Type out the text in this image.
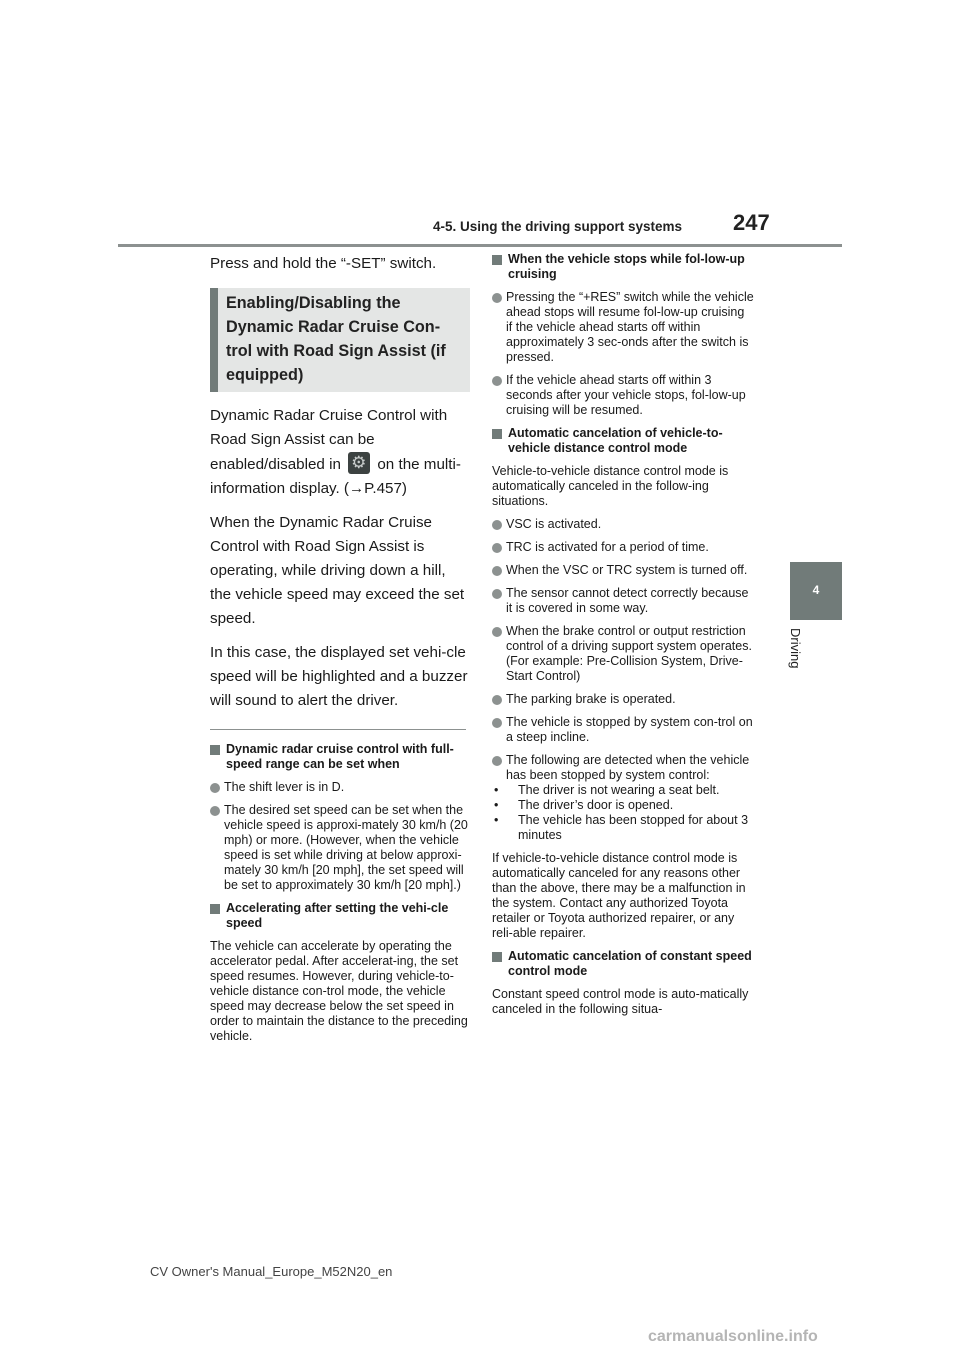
4-5. Using the driving support systems 247
4
Driving

Press and hold the “-SET” switch.

Enabling/Disabling the
Dynamic Radar Cruise Con-
trol with Road Sign Assist (if
equipped)

Dynamic Radar Cruise Control with Road Sign Assist can be enabled/disabled in ⚙ on the multi-information display. (→P.457)

When the Dynamic Radar Cruise Control with Road Sign Assist is operating, while driving down a hill, the vehicle speed may exceed the set speed.

In this case, the displayed set vehi-cle speed will be highlighted and a buzzer will sound to alert the driver.

Dynamic radar cruise control with full-speed range can be set when

The shift lever is in D.

The desired set speed can be set when the vehicle speed is approxi-mately 30 km/h (20 mph) or more. (However, when the vehicle speed is set while driving at below approxi-mately 30 km/h [20 mph], the set speed will be set to approximately 30 km/h [20 mph].)

Accelerating after setting the vehi-cle speed

The vehicle can accelerate by operating the accelerator pedal. After accelerat-ing, the set speed resumes. However, during vehicle-to-vehicle distance con-trol mode, the vehicle speed may decrease below the set speed in order to maintain the distance to the preceding vehicle.

When the vehicle stops while fol-low-up cruising

Pressing the “+RES” switch while the vehicle ahead stops will resume fol-low-up cruising if the vehicle ahead starts off within approximately 3 sec-onds after the switch is pressed.

If the vehicle ahead starts off within 3 seconds after your vehicle stops, fol-low-up cruising will be resumed.

Automatic cancelation of vehicle-to-vehicle distance control mode

Vehicle-to-vehicle distance control mode is automatically canceled in the follow-ing situations.

VSC is activated.

TRC is activated for a period of time.

When the VSC or TRC system is turned off.

The sensor cannot detect correctly because it is covered in some way.

When the brake control or output restriction control of a driving support system operates.
(For example: Pre-Collision System, Drive-Start Control)

The parking brake is operated.

The vehicle is stopped by system con-trol on a steep incline.

The following are detected when the vehicle has been stopped by system control:

• The driver is not wearing a seat belt.
• The driver’s door is opened.
• The vehicle has been stopped for about 3 minutes

If vehicle-to-vehicle distance control mode is automatically canceled for any reasons other than the above, there may be a malfunction in the system. Contact any authorized Toyota retailer or Toyota authorized repairer, or any reli-able repairer.

Automatic cancelation of constant speed control mode

Constant speed control mode is auto-matically canceled in the following situa-

CV Owner's Manual_Europe_M52N20_en
carmanualsonline.info
